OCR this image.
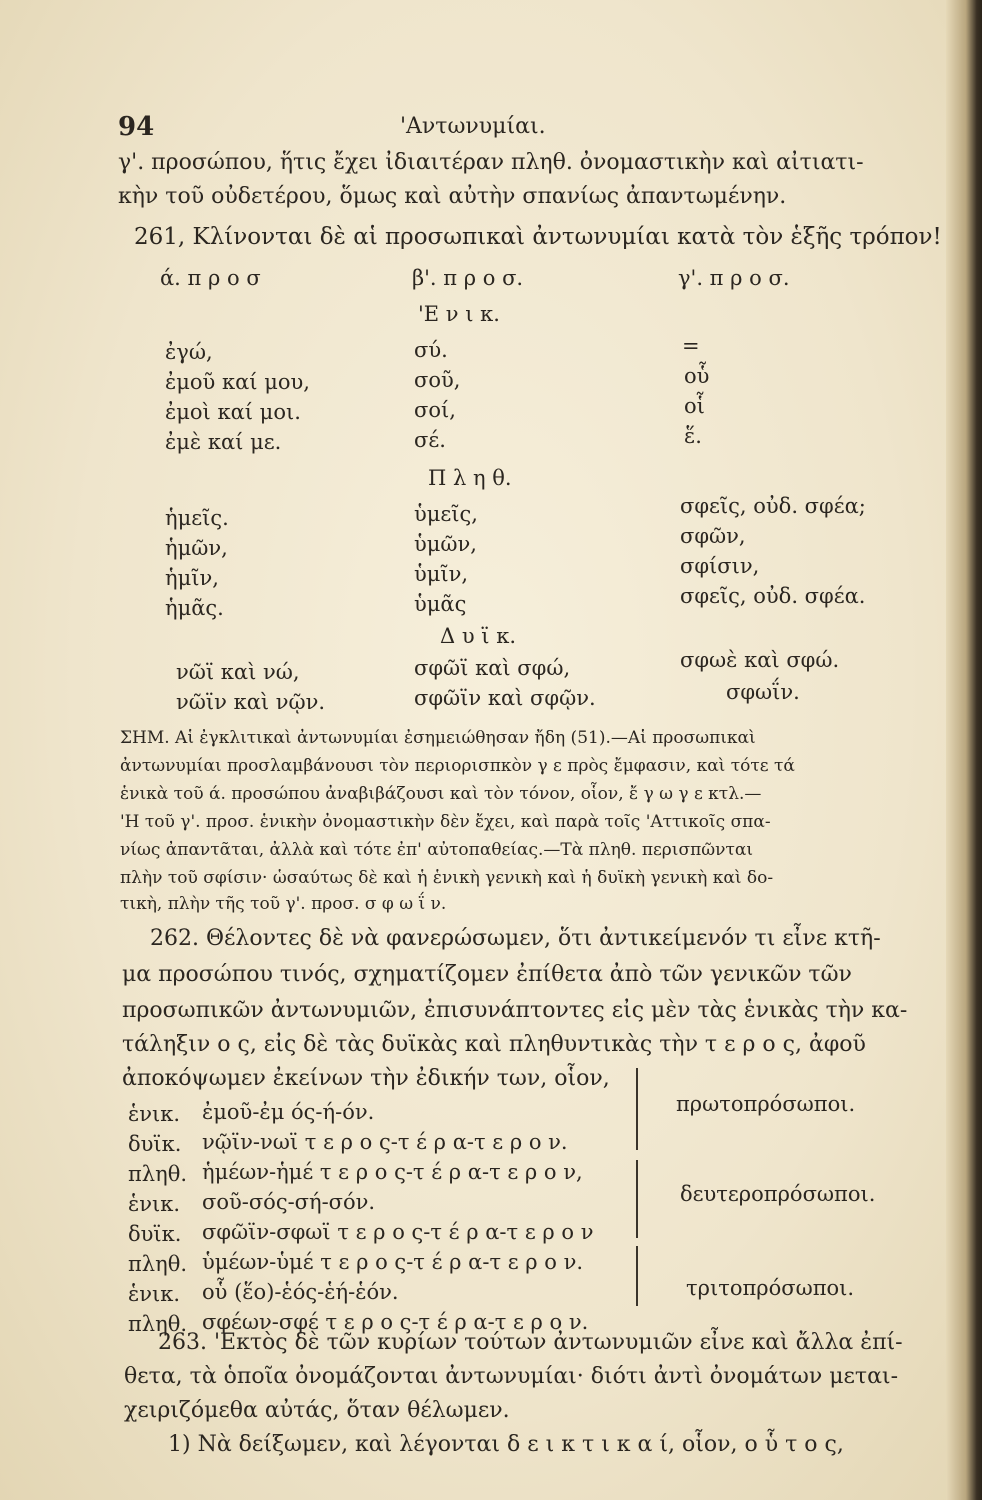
94	'Αντωνυμίαι.
γ'. προσώπου, ἥτις ἔχει ἰδιαιτέραν πληθ. ὀνομαστικὴν καὶ αἰτιατι-
κὴν τοῦ οὐδετέρου, ὅμως καὶ αὐτὴν σπανίως ἀπαντωμένην.
261, Κλίνονται δὲ αἱ προσωπικαὶ ἀντωνυμίαι κατὰ τὸν ἑξῆς τρόπον!
ά. π ρ ο σ	β'. π ρ ο σ.	γ'. π ρ ο σ.
'Ε ν ι κ.
ἐγώ,	σύ.	=
ἐμοῦ καί μου,	σοῦ,	οὗ
ἐμοὶ καί μοι.	σοί,	οἷ
ἐμὲ καί με.	σέ.	ἕ.
Π λ η θ.
ἡμεῖς.	ὑμεῖς,	σφεῖς, οὐδ. σφέα;
ἡμῶν,	ὑμῶν,	σφῶν,
ἡμῖν,	ὑμῖν,	σφίσιν,
ἡμᾶς.	ὑμᾶς	σφεῖς, οὐδ. σφέα.
Δ υ ϊ κ.
νῶϊ καὶ νώ,	σφῶϊ καὶ σφώ,	σφωὲ καὶ σφώ.
νῶϊν καὶ νῷν.	σφῶϊν καὶ σφῷν.	σφωΐν.
ΣΗΜ. Αἱ ἐγκλιτικαὶ ἀντωνυμίαι ἐσημειώθησαν ἤδη (51).—Αἱ προσωπικαὶ
ἀντωνυμίαι προσλαμβάνουσι τὸν περιορισπκὸν γ ε πρὸς ἔμφασιν, καὶ τότε τά
ἑνικὰ τοῦ ά. προσώπου ἀναβιβάζουσι καὶ τὸν τόνον, οἷον, ἔ γ ω γ ε κτλ.—
'Η τοῦ γ'. προσ. ἑνικὴν ὀνομαστικὴν δὲν ἔχει, καὶ παρὰ τοῖς 'Αττικοῖς σπα-
νίως ἀπαντᾶται, ἀλλὰ καὶ τότε ἐπ' αὐτοπαθείας.—Τὰ πληθ. περισπῶνται
πλὴν τοῦ σφίσιν· ὡσαύτως δὲ καὶ ἡ ἑνικὴ γενικὴ καὶ ἡ δυϊκὴ γενικὴ καὶ δο-
τικὴ, πλὴν τῆς τοῦ γ'. προσ. σ φ ω ΐ ν.
262. Θέλοντες δὲ νὰ φανερώσωμεν, ὅτι ἀντικείμενόν τι εἶνε κτῆ-
μα προσώπου τινός, σχηματίζομεν ἐπίθετα ἀπὸ τῶν γενικῶν τῶν
προσωπικῶν ἀντωνυμιῶν, ἐπισυνάπτοντες εἰς μὲν τὰς ἑνικὰς τὴν κα-
τάληξιν ο ς, εἰς δὲ τὰς δυϊκὰς καὶ πληθυντικὰς τὴν τ ε ρ ο ς, ἀφοῦ
ἀποκόψωμεν ἐκείνων τὴν ἐδικήν των, οἷον,
ἑνικ. ἐμοῦ-ἐμ ός-ή-όν.
δυϊκ. νῷϊν-νωϊ τ ε ρ ο ς-τ έ ρ α-τ ε ρ ο ν.
πληθ. ἡμέων-ἡμέ τ ε ρ ο ς-τ έ ρ α-τ ε ρ ο ν,
ἑνικ. σοῦ-σός-σή-σόν.
δυϊκ. σφῶϊν-σφωϊ τ ε ρ ο ς-τ έ ρ α-τ ε ρ ο ν
πληθ. ὑμέων-ὑμέ τ ε ρ ο ς-τ έ ρ α-τ ε ρ ο ν.
ἑνικ. οὗ (ἕο)-ἑός-ἑή-ἑόν.
πληθ. σφέων-σφέ τ ε ρ ο ς-τ έ ρ α-τ ε ρ ο ν.
πρωτοπρόσωποι.
δευτεροπρόσωποι.
τριτοπρόσωποι.
263. 'Εκτὸς δὲ τῶν κυρίων τούτων ἀντωνυμιῶν εἶνε καὶ ἄλλα ἐπί-
θετα, τὰ ὁποῖα ὀνομάζονται ἀντωνυμίαι· διότι ἀντὶ ὀνομάτων μεται-
χειριζόμεθα αὐτάς, ὅταν θέλωμεν.
1) Νὰ δείξωμεν, καὶ λέγονται δ ε ι κ τ ι κ α ί, οἷον, ο ὗ τ ο ς,
